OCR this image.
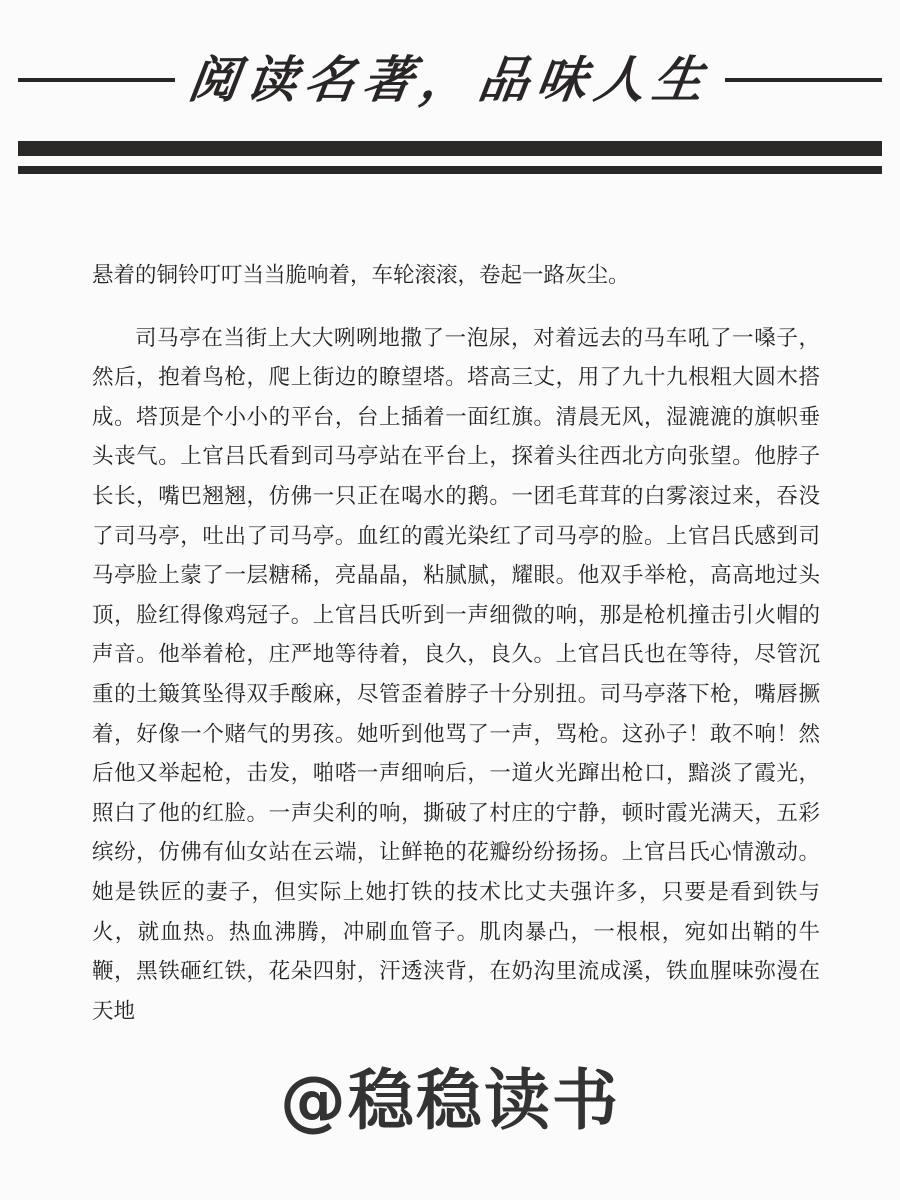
阅读名著，品味人生

悬着的铜铃叮叮当当脆响着，车轮滚滚，卷起一路灰尘。

司马亭在当街上大大咧咧地撒了一泡尿，对着远去的马车吼了一嗓子，然后，抱着鸟枪，爬上街边的瞭望塔。塔高三丈，用了九十九根粗大圆木搭成。塔顶是个小小的平台，台上插着一面红旗。清晨无风，湿漉漉的旗帜垂头丧气。上官吕氏看到司马亭站在平台上，探着头往西北方向张望。他脖子长长，嘴巴翘翘，仿佛一只正在喝水的鹅。一团毛茸茸的白雾滚过来，吞没了司马亭，吐出了司马亭。血红的霞光染红了司马亭的脸。上官吕氏感到司马亭脸上蒙了一层糖稀，亮晶晶，粘腻腻，耀眼。他双手举枪，高高地过头顶，脸红得像鸡冠子。上官吕氏听到一声细微的响，那是枪机撞击引火帽的声音。他举着枪，庄严地等待着，良久，良久。上官吕氏也在等待，尽管沉重的土簸箕坠得双手酸麻，尽管歪着脖子十分别扭。司马亭落下枪，嘴唇撅着，好像一个赌气的男孩。她听到他骂了一声，骂枪。这孙子！敢不响！然后他又举起枪，击发，啪嗒一声细响后，一道火光蹿出枪口，黯淡了霞光，照白了他的红脸。一声尖利的响，撕破了村庄的宁静，顿时霞光满天，五彩缤纷，仿佛有仙女站在云端，让鲜艳的花瓣纷纷扬扬。上官吕氏心情激动。她是铁匠的妻子，但实际上她打铁的技术比丈夫强许多，只要是看到铁与火，就血热。热血沸腾，冲刷血管子。肌肉暴凸，一根根，宛如出鞘的牛鞭，黑铁砸红铁，花朵四射，汗透浃背，在奶沟里流成溪，铁血腥味弥漫在天地

@稳稳读书
